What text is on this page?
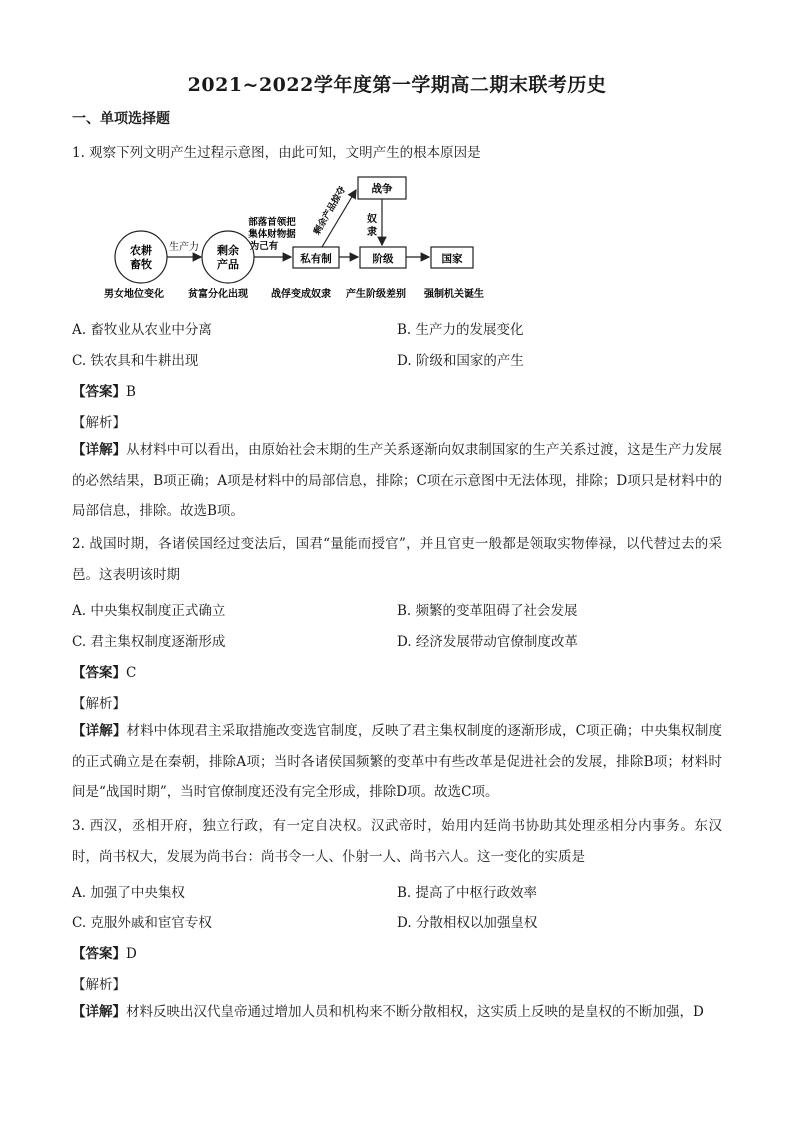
2021~2022学年度第一学期高二期末联考历史
一、单项选择题
1. 观察下列文明产生过程示意图，由此可知，文明产生的根本原因是
农耕
畜牧
生产力 剩余
产品
部落首领把
集体财物据
为己有
私有制
剩余产品掠夺 战争
奴
隶
阶级	国家
男女地位变化 贫富分化出现 战俘变成奴隶 产生阶级差别 强制机关诞生
A. 畜牧业从农业中分离	B. 生产力的发展变化
C. 铁农具和牛耕出现	D. 阶级和国家的产生
【答案】B
【解析】
【详解】从材料中可以看出，由原始社会末期的生产关系逐渐向奴隶制国家的生产关系过渡，这是生产力发展的必然结果，B项正确；A项是材料中的局部信息，排除；C项在示意图中无法体现，排除；D项只是材料中的局部信息，排除。故选B项。
2. 战国时期，各诸侯国经过变法后，国君“量能而授官”，并且官吏一般都是领取实物俸禄，以代替过去的采邑。这表明该时期
A. 中央集权制度正式确立	B. 频繁的变革阻碍了社会发展
C. 君主集权制度逐渐形成	D. 经济发展带动官僚制度改革
【答案】C
【解析】
【详解】材料中体现君主采取措施改变选官制度，反映了君主集权制度的逐渐形成，C项正确；中央集权制度的正式确立是在秦朝，排除A项；当时各诸侯国频繁的变革中有些改革是促进社会的发展，排除B项；材料时间是“战国时期”，当时官僚制度还没有完全形成，排除D项。故选C项。
3. 西汉，丞相开府，独立行政，有一定自决权。汉武帝时，始用内廷尚书协助其处理丞相分内事务。东汉时，尚书权大，发展为尚书台：尚书令一人、仆射一人、尚书六人。这一变化的实质是
A. 加强了中央集权	B. 提高了中枢行政效率
C. 克服外戚和宦官专权	D. 分散相权以加强皇权
【答案】D
【解析】
【详解】材料反映出汉代皇帝通过增加人员和机构来不断分散相权，这实质上反映的是皇权的不断加强，D
